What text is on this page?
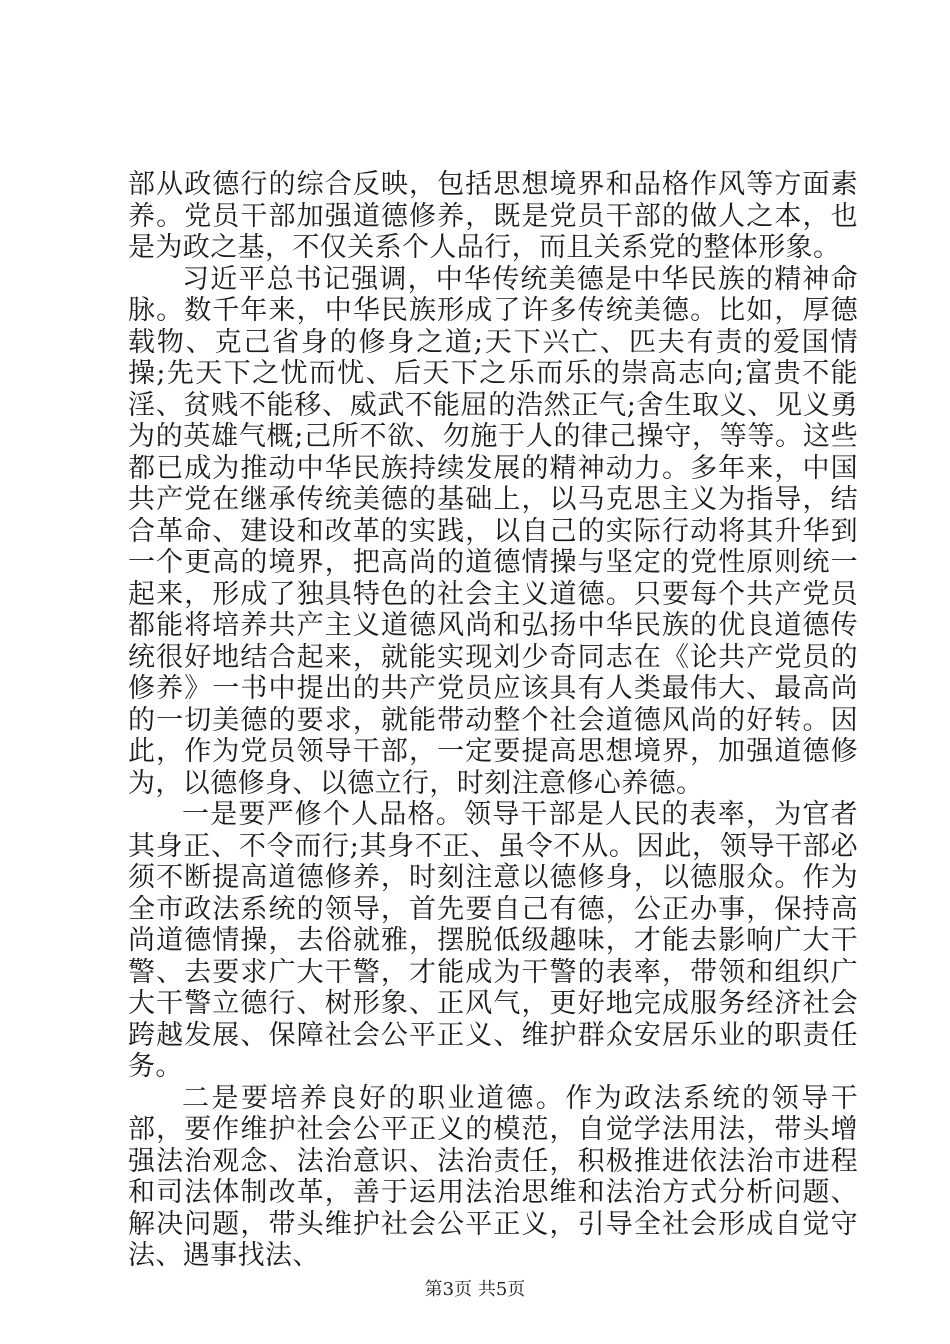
部从政德行的综合反映，包括思想境界和品格作风等方面素养。党员干部加强道德修养，既是党员干部的做人之本，也是为政之基，不仅关系个人品行，而且关系党的整体形象。

习近平总书记强调，中华传统美德是中华民族的精神命脉。数千年来，中华民族形成了许多传统美德。比如，厚德载物、克己省身的修身之道;天下兴亡、匹夫有责的爱国情操;先天下之忧而忧、后天下之乐而乐的崇高志向;富贵不能淫、贫贱不能移、威武不能屈的浩然正气;舍生取义、见义勇为的英雄气概;己所不欲、勿施于人的律己操守，等等。这些都已成为推动中华民族持续发展的精神动力。多年来，中国共产党在继承传统美德的基础上，以马克思主义为指导，结合革命、建设和改革的实践，以自己的实际行动将其升华到一个更高的境界，把高尚的道德情操与坚定的党性原则统一起来，形成了独具特色的社会主义道德。只要每个共产党员都能将培养共产主义道德风尚和弘扬中华民族的优良道德传统很好地结合起来，就能实现刘少奇同志在《论共产党员的修养》一书中提出的共产党员应该具有人类最伟大、最高尚的一切美德的要求，就能带动整个社会道德风尚的好转。因此，作为党员领导干部，一定要提高思想境界，加强道德修为，以德修身、以德立行，时刻注意修心养德。

一是要严修个人品格。领导干部是人民的表率，为官者其身正、不令而行;其身不正、虽令不从。因此，领导干部必须不断提高道德修养，时刻注意以德修身，以德服众。作为全市政法系统的领导，首先要自己有德，公正办事，保持高尚道德情操，去俗就雅，摆脱低级趣味，才能去影响广大干警、去要求广大干警，才能成为干警的表率，带领和组织广大干警立德行、树形象、正风气，更好地完成服务经济社会跨越发展、保障社会公平正义、维护群众安居乐业的职责任务。

二是要培养良好的职业道德。作为政法系统的领导干部，要作维护社会公平正义的模范，自觉学法用法，带头增强法治观念、法治意识、法治责任，积极推进依法治市进程和司法体制改革，善于运用法治思维和法治方式分析问题、解决问题，带头维护社会公平正义，引导全社会形成自觉守法、遇事找法、

第3页 共5页
